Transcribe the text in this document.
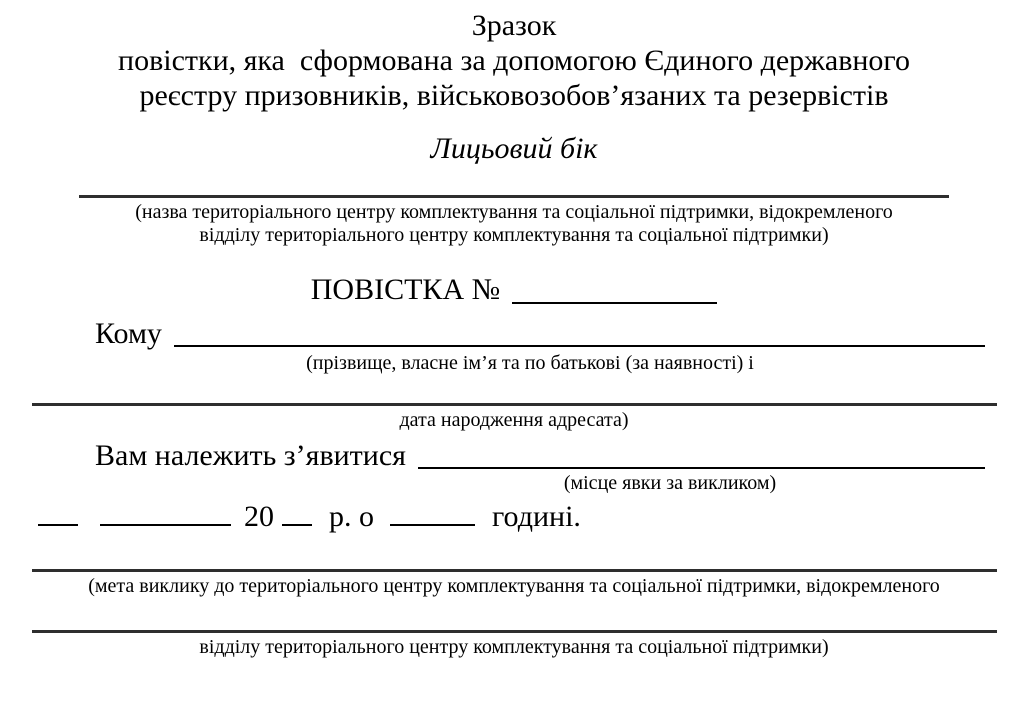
Зразок
повістки, яка  сформована за допомогою Єдиного державного
реєстру призовників, військовозобов’язаних та резервістів
Лицьовий бік
(назва територіального центру комплектування та соціальної підтримки, відокремленого
відділу територіального центру комплектування та соціальної підтримки)
ПОВІСТКА №
Кому
(прізвище, власне ім’я та по батькові (за наявності) і
дата народження адресата)
Вам належить з’явитися
(місце явки за викликом)
20 р. о	годині.
(мета виклику до територіального центру комплектування та соціальної підтримки, відокремленого
відділу територіального центру комплектування та соціальної підтримки)
